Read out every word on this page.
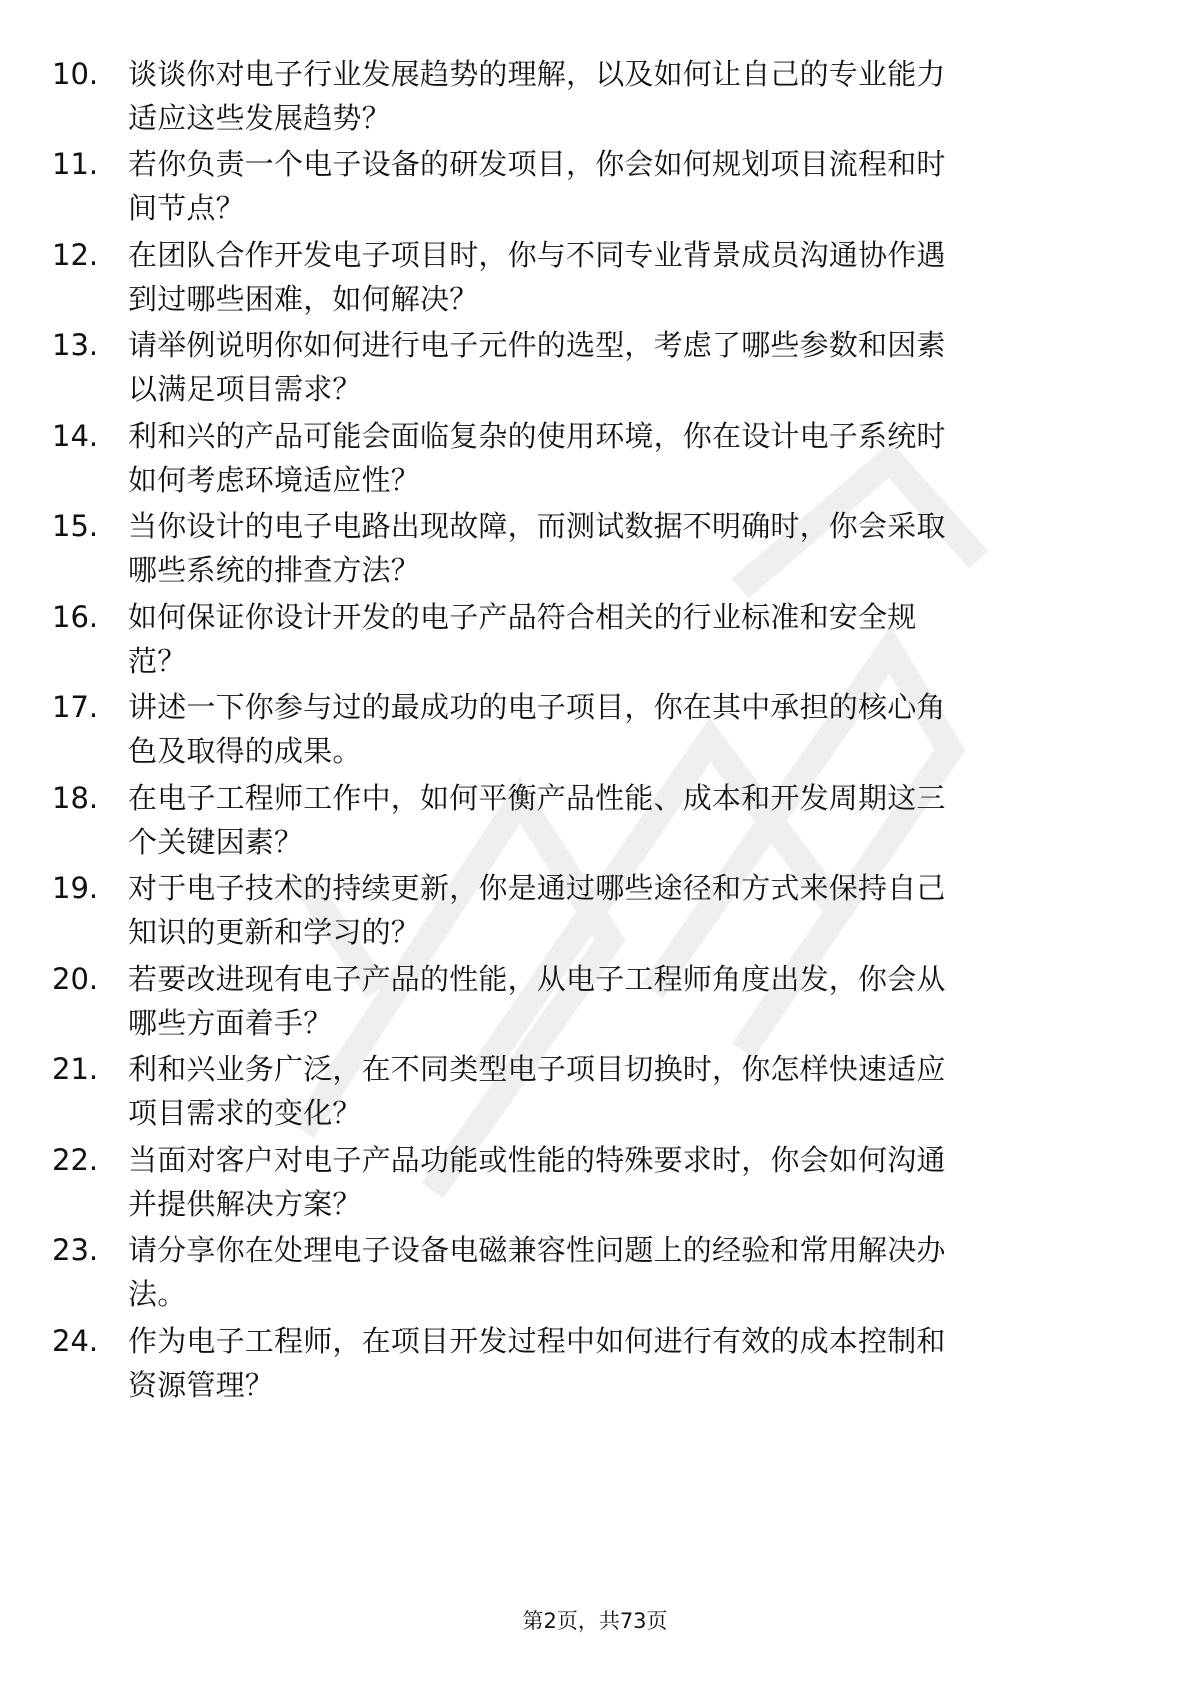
10.	谈谈你对电子行业发展趋势的理解，以及如何让自己的专业能力
适应这些发展趋势？
11.	若你负责一个电子设备的研发项目，你会如何规划项目流程和时
间节点？
12.	在团队合作开发电子项目时，你与不同专业背景成员沟通协作遇
到过哪些困难，如何解决？
13.	请举例说明你如何进行电子元件的选型，考虑了哪些参数和因素
以满足项目需求？
14.	利和兴的产品可能会面临复杂的使用环境，你在设计电子系统时
如何考虑环境适应性？
15.	当你设计的电子电路出现故障，而测试数据不明确时，你会采取
哪些系统的排查方法？
16.	如何保证你设计开发的电子产品符合相关的行业标准和安全规
范？
17.	讲述一下你参与过的最成功的电子项目，你在其中承担的核心角
色及取得的成果。
18.	在电子工程师工作中，如何平衡产品性能、成本和开发周期这三
个关键因素？
19.	对于电子技术的持续更新，你是通过哪些途径和方式来保持自己
知识的更新和学习的？
20.	若要改进现有电子产品的性能，从电子工程师角度出发，你会从
哪些方面着手？
21.	利和兴业务广泛，在不同类型电子项目切换时，你怎样快速适应
项目需求的变化？
22.	当面对客户对电子产品功能或性能的特殊要求时，你会如何沟通
并提供解决方案？
23.	请分享你在处理电子设备电磁兼容性问题上的经验和常用解决办
法。
24.	作为电子工程师，在项目开发过程中如何进行有效的成本控制和
资源管理？
第2页，共73页
